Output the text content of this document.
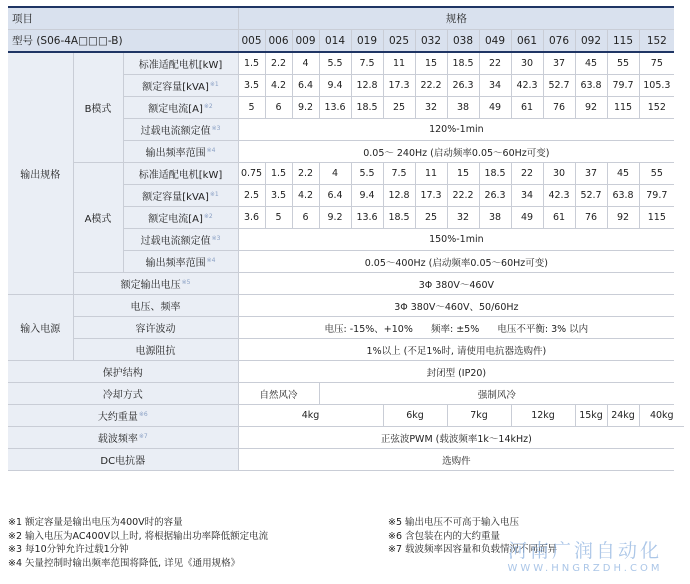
项目			规格													
型号 (S06-4A□□□-B)			005	006	009	014	019	025	032	038	049	061	076	092	115	152
输出规格	B模式	标准适配电机[kW]	1.5	2.2	4	5.5	7.5	11	15	18.5	22	30	37	45	55	75
		额定容量[kVA]$^{※1}$	3.5	4.2	6.4	9.4	12.8	17.3	22.2	26.3	34	42.3	52.7	63.8	79.7	105.3
		额定电流$[A]^{※2}$	5	6	9.2	13.6	18.5	25	32	38	49	61	76	92	115	152
		过载电流额定值$^{※3}$	120%-1min													
		输出频率范围$^{※4}$	0.05～ 240Hz (启动频率0.05～60Hz可变)													
	A模式	标准适配电机[kW]	0.75	1.5	2.2	4	5.5	7.5	11	15	18.5	22	30	37	45	55
		额定容量[kVA]$^{※1}$	2.5	3.5	4.2	6.4	9.4	12.8	17.3	22.2	26.3	34	42.3	52.7	63.8	79.7
		额定电流$[A]^{※2}$	3.6	5	6	9.2	13.6	18.5	25	32	38	49	61	76	92	115
		过载电流额定值$^{※3}$	150%-1min													
		输出频率范围$^{※4}$	0.05～400Hz (启动频率0.05～60Hz可变)													
	额定输出电压$^{※5}$		3Φ 380V～460V													
输入电源	电压、频率		3Φ 380V～460V、50/60Hz													
	容许波动		电压: -15%、+10%      频率: ±5%      电压不平衡: 3% 以内													
	电源阻抗		1%以上 (不足1%时, 请使用电抗器选购件)													
保护结构			封闭型 (IP20)													
冷却方式			自然风冷			强制风冷										
大约重量$^{※6}$			4kg					6kg		7kg		12kg		15kg	24kg	40kg
载波频率$^{※7}$			正弦波PWM (载波频率1k～14kHz)													
DC电抗器			选购件													
※1 额定容量是输出电压为400V时的容量
※2 输入电压为AC400V以上时, 将根据输出功率降低额定电流
※3 每10分钟允许过载1分钟
※4 矢量控制时输出频率范围将降低, 详见《通用规格》
※5 输出电压不可高于输入电压
※6 含包装在内的大约重量
※7 载波频率因容量和负载情况不同而异
河南广润自动化
WWW.HNGRZDH.COM
